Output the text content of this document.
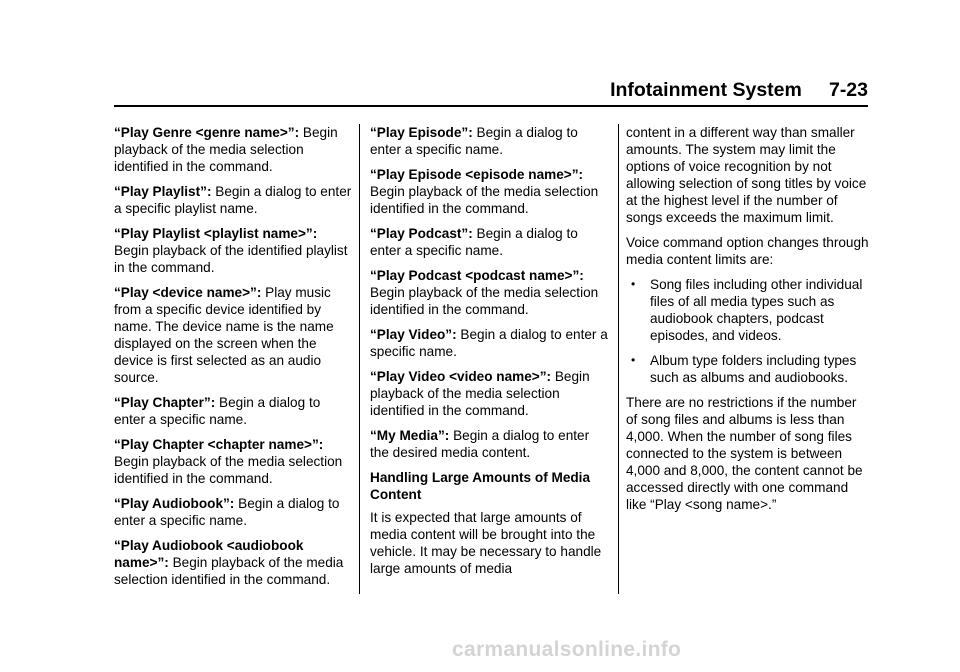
Infotainment System 7-23

“Play Genre <genre name>”: Begin playback of the media selection identified in the command.

“Play Playlist”: Begin a dialog to enter a specific playlist name.

“Play Playlist <playlist name>”: Begin playback of the identified playlist in the command.

“Play <device name>”: Play music from a specific device identified by name. The device name is the name displayed on the screen when the device is first selected as an audio source.

“Play Chapter”: Begin a dialog to enter a specific name.

“Play Chapter <chapter name>”: Begin playback of the media selection identified in the command.

“Play Audiobook”: Begin a dialog to enter a specific name.

“Play Audiobook <audiobook name>”: Begin playback of the media selection identified in the command.

“Play Episode”: Begin a dialog to enter a specific name.

“Play Episode <episode name>”: Begin playback of the media selection identified in the command.

“Play Podcast”: Begin a dialog to enter a specific name.

“Play Podcast <podcast name>”: Begin playback of the media selection identified in the command.

“Play Video”: Begin a dialog to enter a specific name.

“Play Video <video name>”: Begin playback of the media selection identified in the command.

“My Media”: Begin a dialog to enter the desired media content.

Handling Large Amounts of Media Content

It is expected that large amounts of media content will be brought into the vehicle. It may be necessary to handle large amounts of media

content in a different way than smaller amounts. The system may limit the options of voice recognition by not allowing selection of song titles by voice at the highest level if the number of songs exceeds the maximum limit.

Voice command option changes through media content limits are:

• Song files including other individual files of all media types such as audiobook chapters, podcast episodes, and videos.
• Album type folders including types such as albums and audiobooks.

There are no restrictions if the number of song files and albums is less than 4,000. When the number of song files connected to the system is between 4,000 and 8,000, the content cannot be accessed directly with one command like “Play <song name>.”

carmanualsonline.info
